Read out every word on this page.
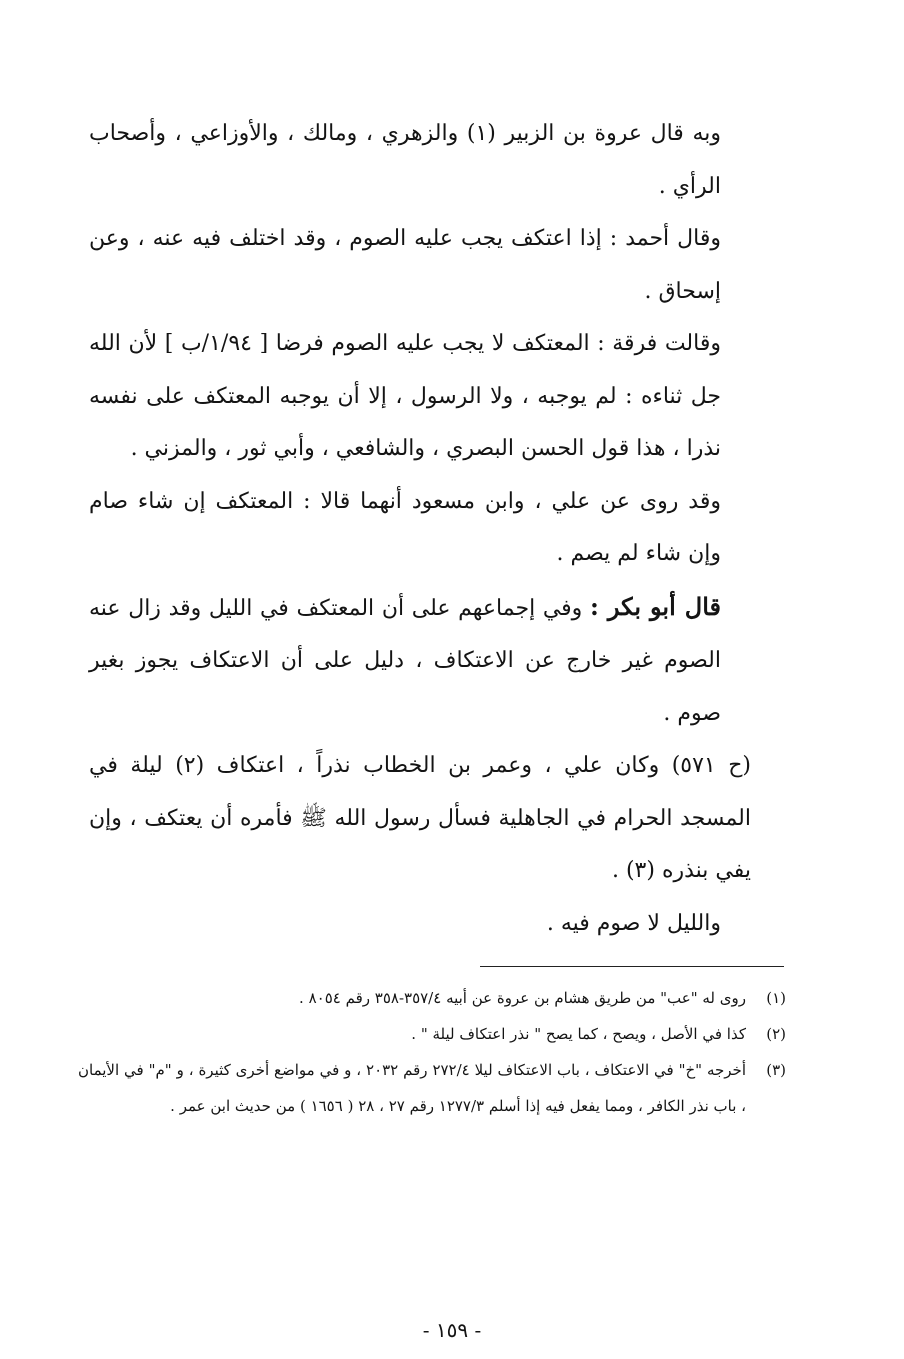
وبه قال عروة بن الزبير (١) والزهري ، ومالك ، والأوزاعي ، وأصحاب الرأي .

وقال أحمد : إذا اعتكف يجب عليه الصوم ، وقد اختلف فيه عنه ، وعن إسحاق .

وقالت فرقة : المعتكف لا يجب عليه الصوم فرضا [ ١/٩٤/ب ] لأن الله جل ثناءه : لم يوجبه ، ولا الرسول ، إلا أن يوجبه المعتكف على نفسه نذرا ، هذا قول الحسن البصري ، والشافعي ، وأبي ثور ، والمزني .

وقد روى عن علي ، وابن مسعود أنهما قالا : المعتكف إن شاء صام وإن شاء لم يصم .

قال أبو بكر : وفي إجماعهم على أن المعتكف في الليل وقد زال عنه الصوم غير خارج عن الاعتكاف ، دليل على أن الاعتكاف يجوز بغير صوم .

(ح ٥٧١) وكان علي ، وعمر بن الخطاب نذراً ، اعتكاف (٢) ليلة في المسجد الحرام في الجاهلية فسأل رسول الله ﷺ فأمره أن يعتكف ، وإن يفي بنذره (٣) .

والليل لا صوم فيه .

(١)
روى له "عب" من طريق هشام بن عروة عن أبيه ٣٥٧/٤-٣٥٨ رقم ٨٠٥٤ .

(٢)
كذا في الأصل ، ويصح ، كما يصح " نذر اعتكاف ليلة " .

(٣)
أخرجه "خ" في الاعتكاف ، باب الاعتكاف ليلا ٢٧٢/٤ رقم ٢٠٣٢ ، و في مواضع أخرى كثيرة ، و "م" في الأيمان ، باب نذر الكافر ، ومما يفعل فيه إذا أسلم ١٢٧٧/٣ رقم ٢٧ ، ٢٨ ( ١٦٥٦ ) من حديث ابن عمر .

- ١٥٩ -
